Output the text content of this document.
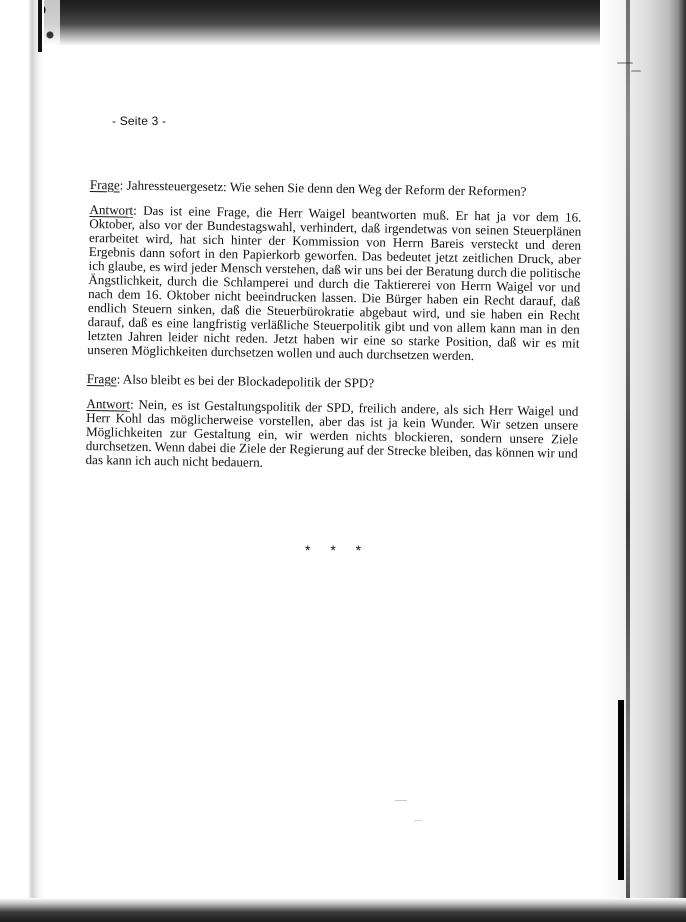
- Seite 3 -

Frage: Jahressteuergesetz: Wie sehen Sie denn den Weg der Reform der Reformen?

Antwort: Das ist eine Frage, die Herr Waigel beantworten muß. Er hat ja vor dem 16. Oktober, also vor der Bundestagswahl, verhindert, daß irgendetwas von seinen Steuerplänen erarbeitet wird, hat sich hinter der Kommission von Herrn Bareis versteckt und deren Ergebnis dann sofort in den Papierkorb geworfen. Das bedeutet jetzt zeitlichen Druck, aber ich glaube, es wird jeder Mensch verstehen, daß wir uns bei der Beratung durch die politische Ängstlichkeit, durch die Schlamperei und durch die Taktiererei von Herrn Waigel vor und nach dem 16. Oktober nicht beeindrucken lassen. Die Bürger haben ein Recht darauf, daß endlich Steuern sinken, daß die Steuerbürokratie abgebaut wird, und sie haben ein Recht darauf, daß es eine langfristig verläßliche Steuerpolitik gibt und von allem kann man in den letzten Jahren leider nicht reden. Jetzt haben wir eine so starke Position, daß wir es mit unseren Möglichkeiten durchsetzen wollen und auch durchsetzen werden.

Frage: Also bleibt es bei der Blockadepolitik der SPD?

Antwort: Nein, es ist Gestaltungspolitik der SPD, freilich andere, als sich Herr Waigel und Herr Kohl das möglicherweise vorstellen, aber das ist ja kein Wunder. Wir setzen unsere Möglichkeiten zur Gestaltung ein, wir werden nichts blockieren, sondern unsere Ziele durchsetzen. Wenn dabei die Ziele der Regierung auf der Strecke bleiben, das können wir und das kann ich auch nicht bedauern.

* * *
